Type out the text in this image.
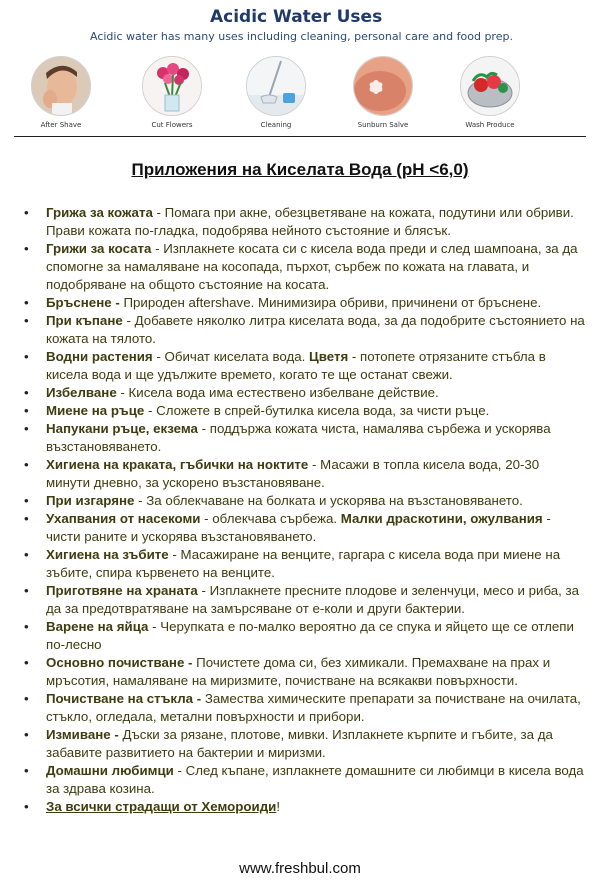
Acidic Water Uses
Acidic water has many uses including cleaning, personal care and food prep.
After Shave	Cut Flowers	Cleaning	Sunburn Salve	Wash Produce
Приложения на Киселата Вода (pH <6,0)
• Грижа за кожата - Помага при акне, обезцветяване на кожата, подутини или обриви. Прави кожата по-гладка, подобрява нейното състояние и блясък.
• Грижи за косата - Изплакнете косата си с кисела вода преди и след шампоана, за да спомогне за намаляване на косопада, пърхот, сърбеж по кожата на главата, и подобряване на общото състояние на косата.
• Бръснене - Природен aftershave. Минимизира обриви, причинени от бръснене.
• При къпане - Добавете няколко литра киселата вода, за да подобрите състоянието на кожата на тялото.
• Водни растения - Обичат киселата вода. Цветя - потопете отрязаните стъбла в кисела вода и ще удължите времето, когато те ще останат свежи.
• Избелване - Кисела вода има естествено избелване действие.
• Миене на ръце - Сложете в спрей-бутилка кисела вода, за чисти ръце.
• Напукани ръце, екзема - поддържа кожата чиста, намалява сърбежа и ускорява възстановяването.
• Хигиена на краката, гъбички на ноктите - Масажи в топла кисела вода, 20-30 минути дневно, за ускорено възстановяване.
• При изгаряне - За облекчаване на болката и ускорява на възстановяването.
• Ухапвания от насекоми - облекчава сърбежа. Малки драскотини, ожулвания - чисти раните и ускорява възстановяването.
• Хигиена на зъбите - Масажиране на венците, гаргара с кисела вода при миене на зъбите, спира кървенето на венците.
• Приготвяне на храната - Изплакнете пресните плодове и зеленчуци, месо и риба, за да за предотвратяване на замърсяване от е-коли и други бактерии.
• Варене на яйца - Черупката е по-малко вероятно да се спука и яйцето ще се отлепи по-лесно
• Основно почистване - Почистете дома си, без химикали. Премахване на прах и мръсотия, намаляване на миризмите, почистване на всякакви повърхности.
• Почистване на стъкла - Замества химическите препарати за почистване на очилата, стъкло, огледала, метални повърхности и прибори.
• Измиване - Дъски за рязане, плотове, мивки. Изплакнете кърпите и гъбите, за да забавите развитието на бактерии и миризми.
• Домашни любимци - След къпане, изплакнете домашните си любимци в кисела вода за здрава козина.
• За всички страдащи от Хемороиди!
www.freshbul.com
